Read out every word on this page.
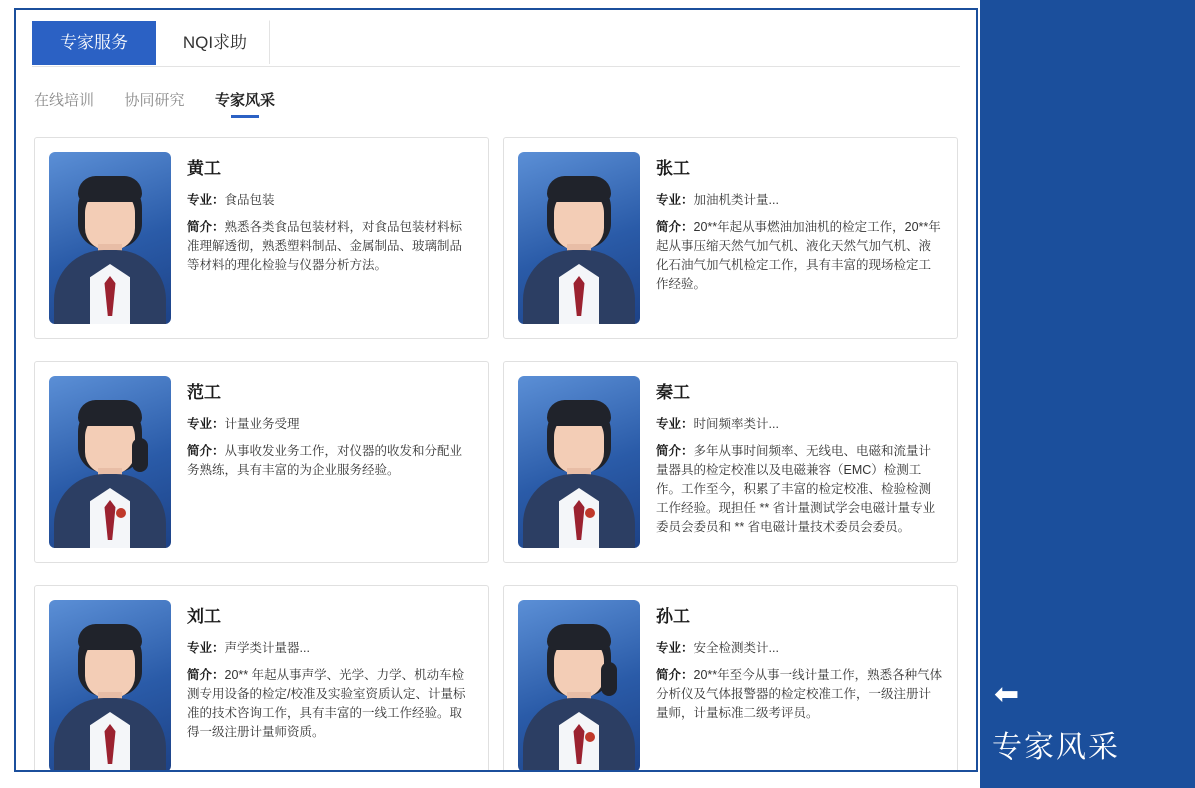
专家服务	NQI求助
在线培训 协同研究 专家风采
黄工
专业：食品包装
简介：熟悉各类食品包装材料，对食品包装材料标准理解透彻，熟悉塑料制品、金属制品、玻璃制品等材料的理化检验与仪器分析方法。
张工
专业：加油机类计量...
简介：20**年起从事燃油加油机的检定工作，20**年起从事压缩天然气加气机、液化天然气加气机、液化石油气加气机检定工作，具有丰富的现场检定工作经验。
范工
专业：计量业务受理
简介：从事收发业务工作，对仪器的收发和分配业务熟练，具有丰富的为企业服务经验。
秦工
专业：时间频率类计...
简介：多年从事时间频率、无线电、电磁和流量计量器具的检定校准以及电磁兼容（EMC）检测工作。工作至今，积累了丰富的检定校准、检验检测工作经验。现担任 ** 省计量测试学会电磁计量专业委员会委员和 ** 省电磁计量技术委员会委员。
刘工
专业：声学类计量器...
简介：20** 年起从事声学、光学、力学、机动车检测专用设备的检定/校准及实验室资质认定、计量标准的技术咨询工作，具有丰富的一线工作经验。取得一级注册计量师资质。
孙工
专业：安全检测类计...
简介：20**年至今从事一线计量工作，熟悉各种气体分析仪及气体报警器的检定校准工作，一级注册计量师，计量标准二级考评员。
⬅
专家风采
